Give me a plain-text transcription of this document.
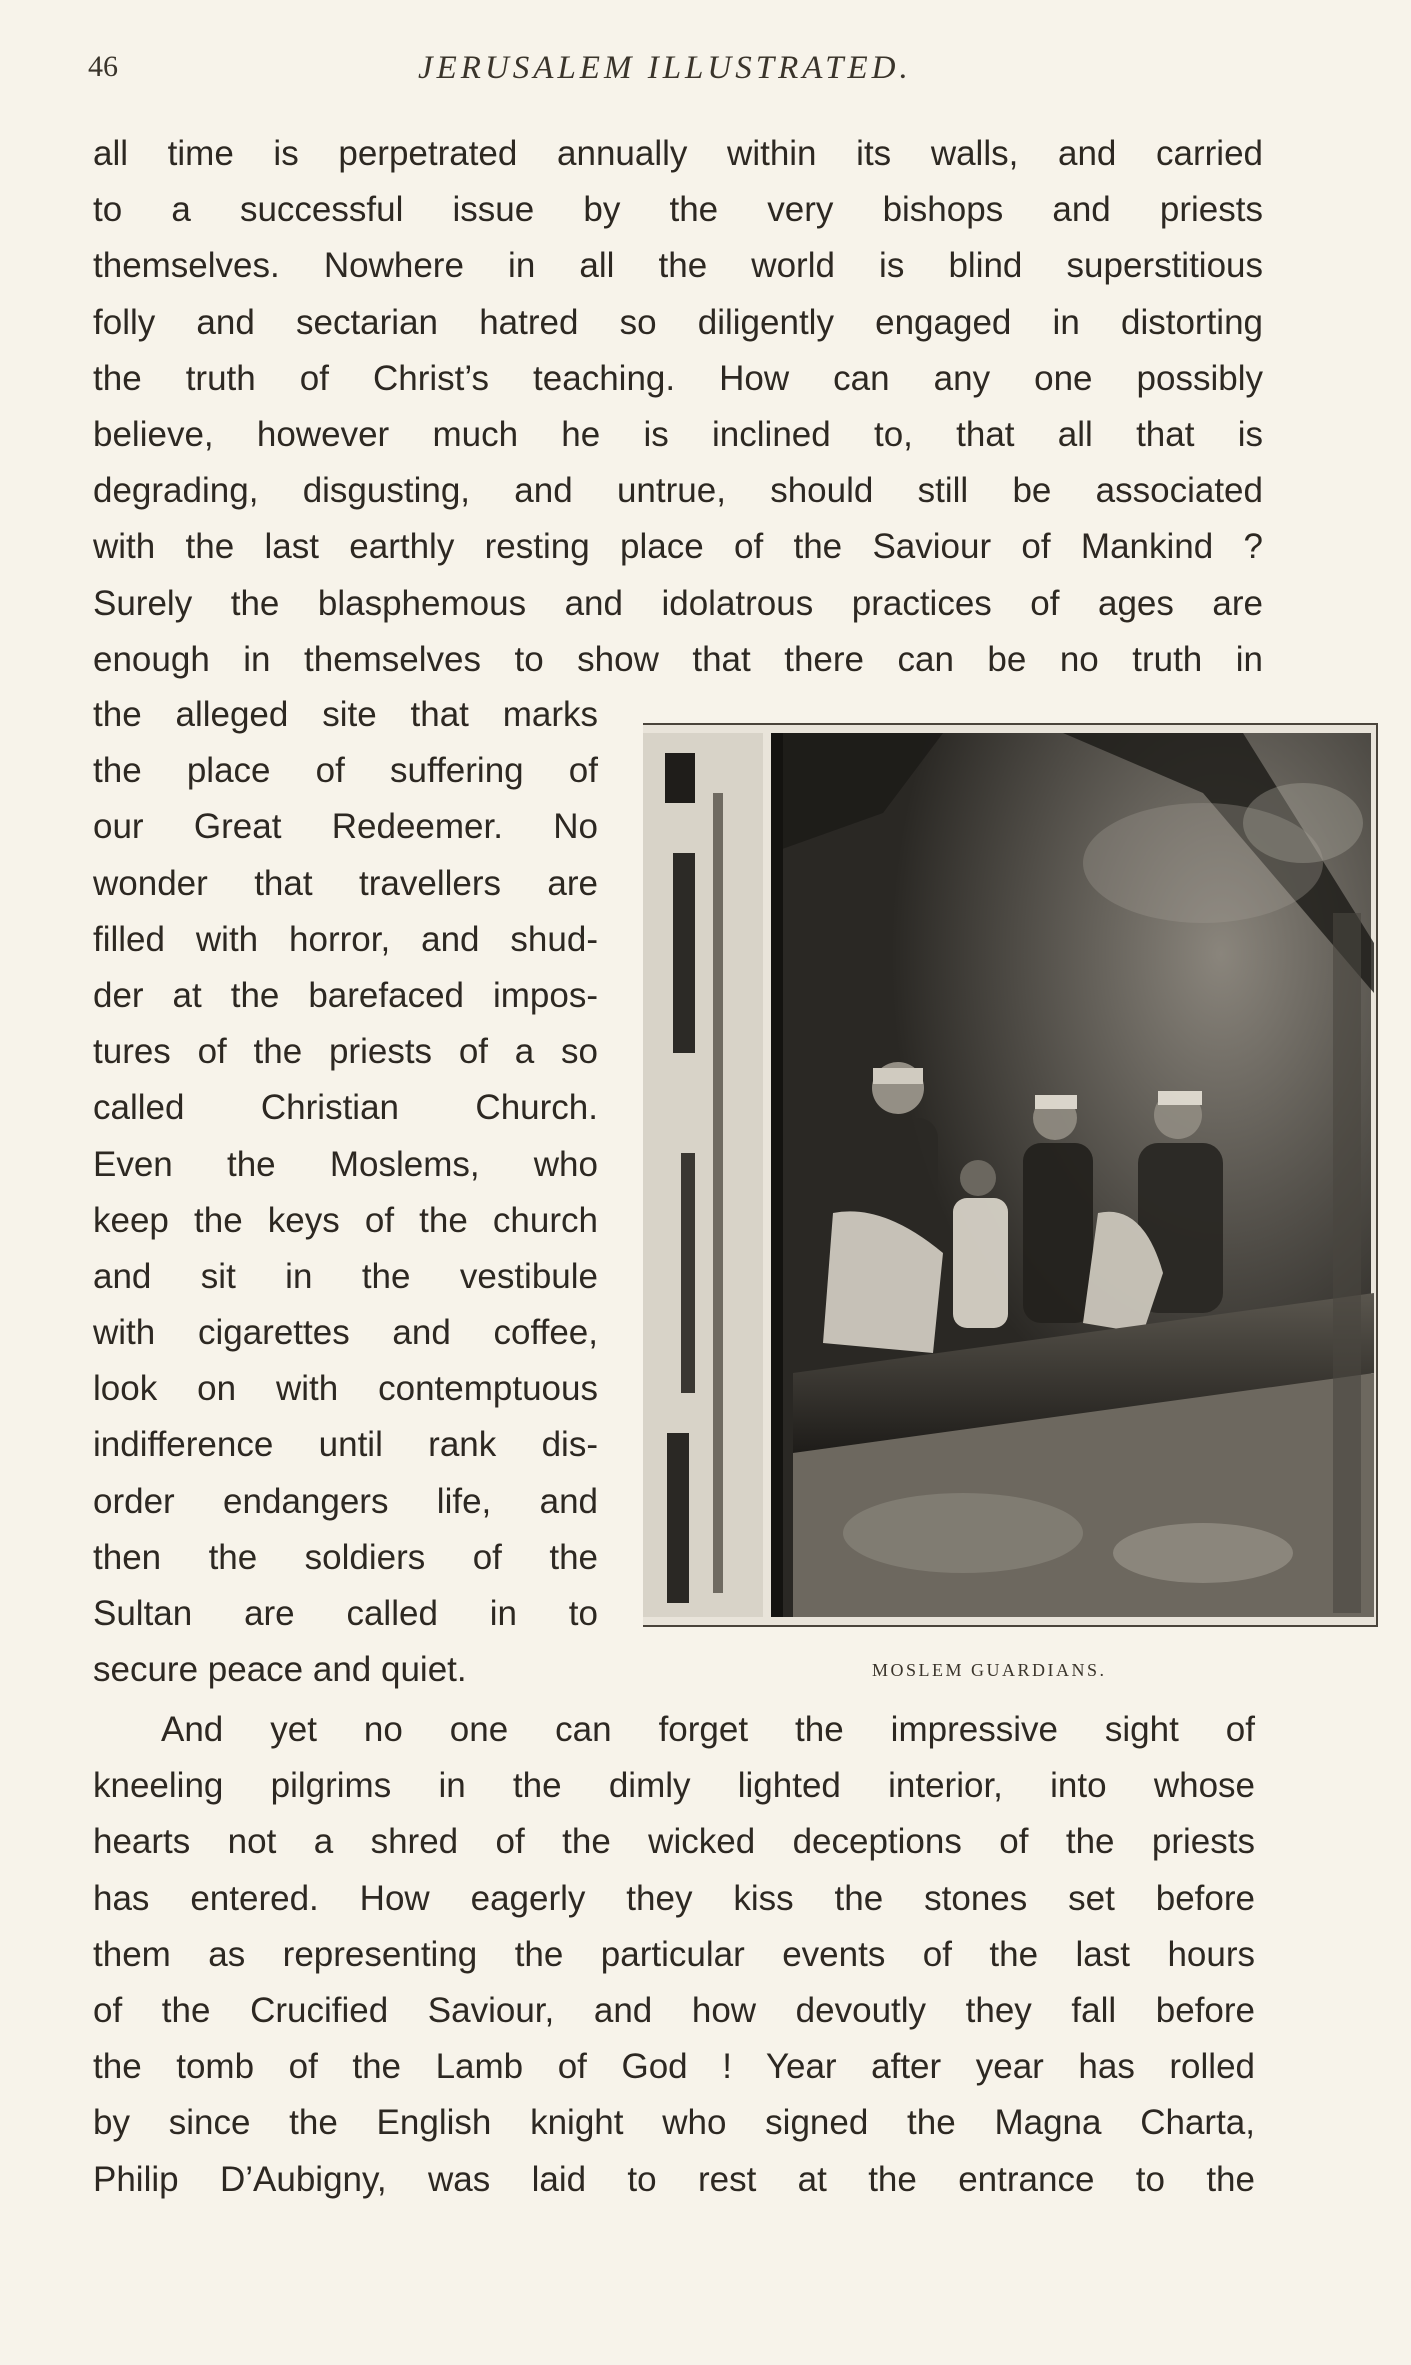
46	JERUSALEM ILLUSTRATED.
all time is perpetrated annually within its walls, and carried
to a successful issue by the very bishops and priests
themselves. Nowhere in all the world is blind superstitious
folly and sectarian hatred so diligently engaged in distorting
the truth of Christ’s teaching. How can any one possibly
believe, however much he is inclined to, that all that is
degrading, disgusting, and untrue, should still be associated
with the last earthly resting place of the Saviour of Mankind ?
Surely the blasphemous and idolatrous practices of ages are
enough in themselves to show that there can be no truth in
the alleged site that marks
the place of suffering of
our Great Redeemer. No
wonder that travellers are
filled with horror, and shud-
der at the barefaced impos-
tures of the priests of a so
called Christian Church.
Even the Moslems, who
keep the keys of the church
and sit in the vestibule
with cigarettes and coffee,
look on with contemptuous
indifference until rank dis-
order endangers life, and
then the soldiers of the
Sultan are called in to
secure peace and quiet.	MOSLEM GUARDIANS.
And yet no one can forget the impressive sight of
kneeling pilgrims in the dimly lighted interior, into whose
hearts not a shred of the wicked deceptions of the priests
has entered. How eagerly they kiss the stones set before
them as representing the particular events of the last hours
of the Crucified Saviour, and how devoutly they fall before
the tomb of the Lamb of God ! Year after year has rolled
by since the English knight who signed the Magna Charta,
Philip D’Aubigny, was laid to rest at the entrance to the
